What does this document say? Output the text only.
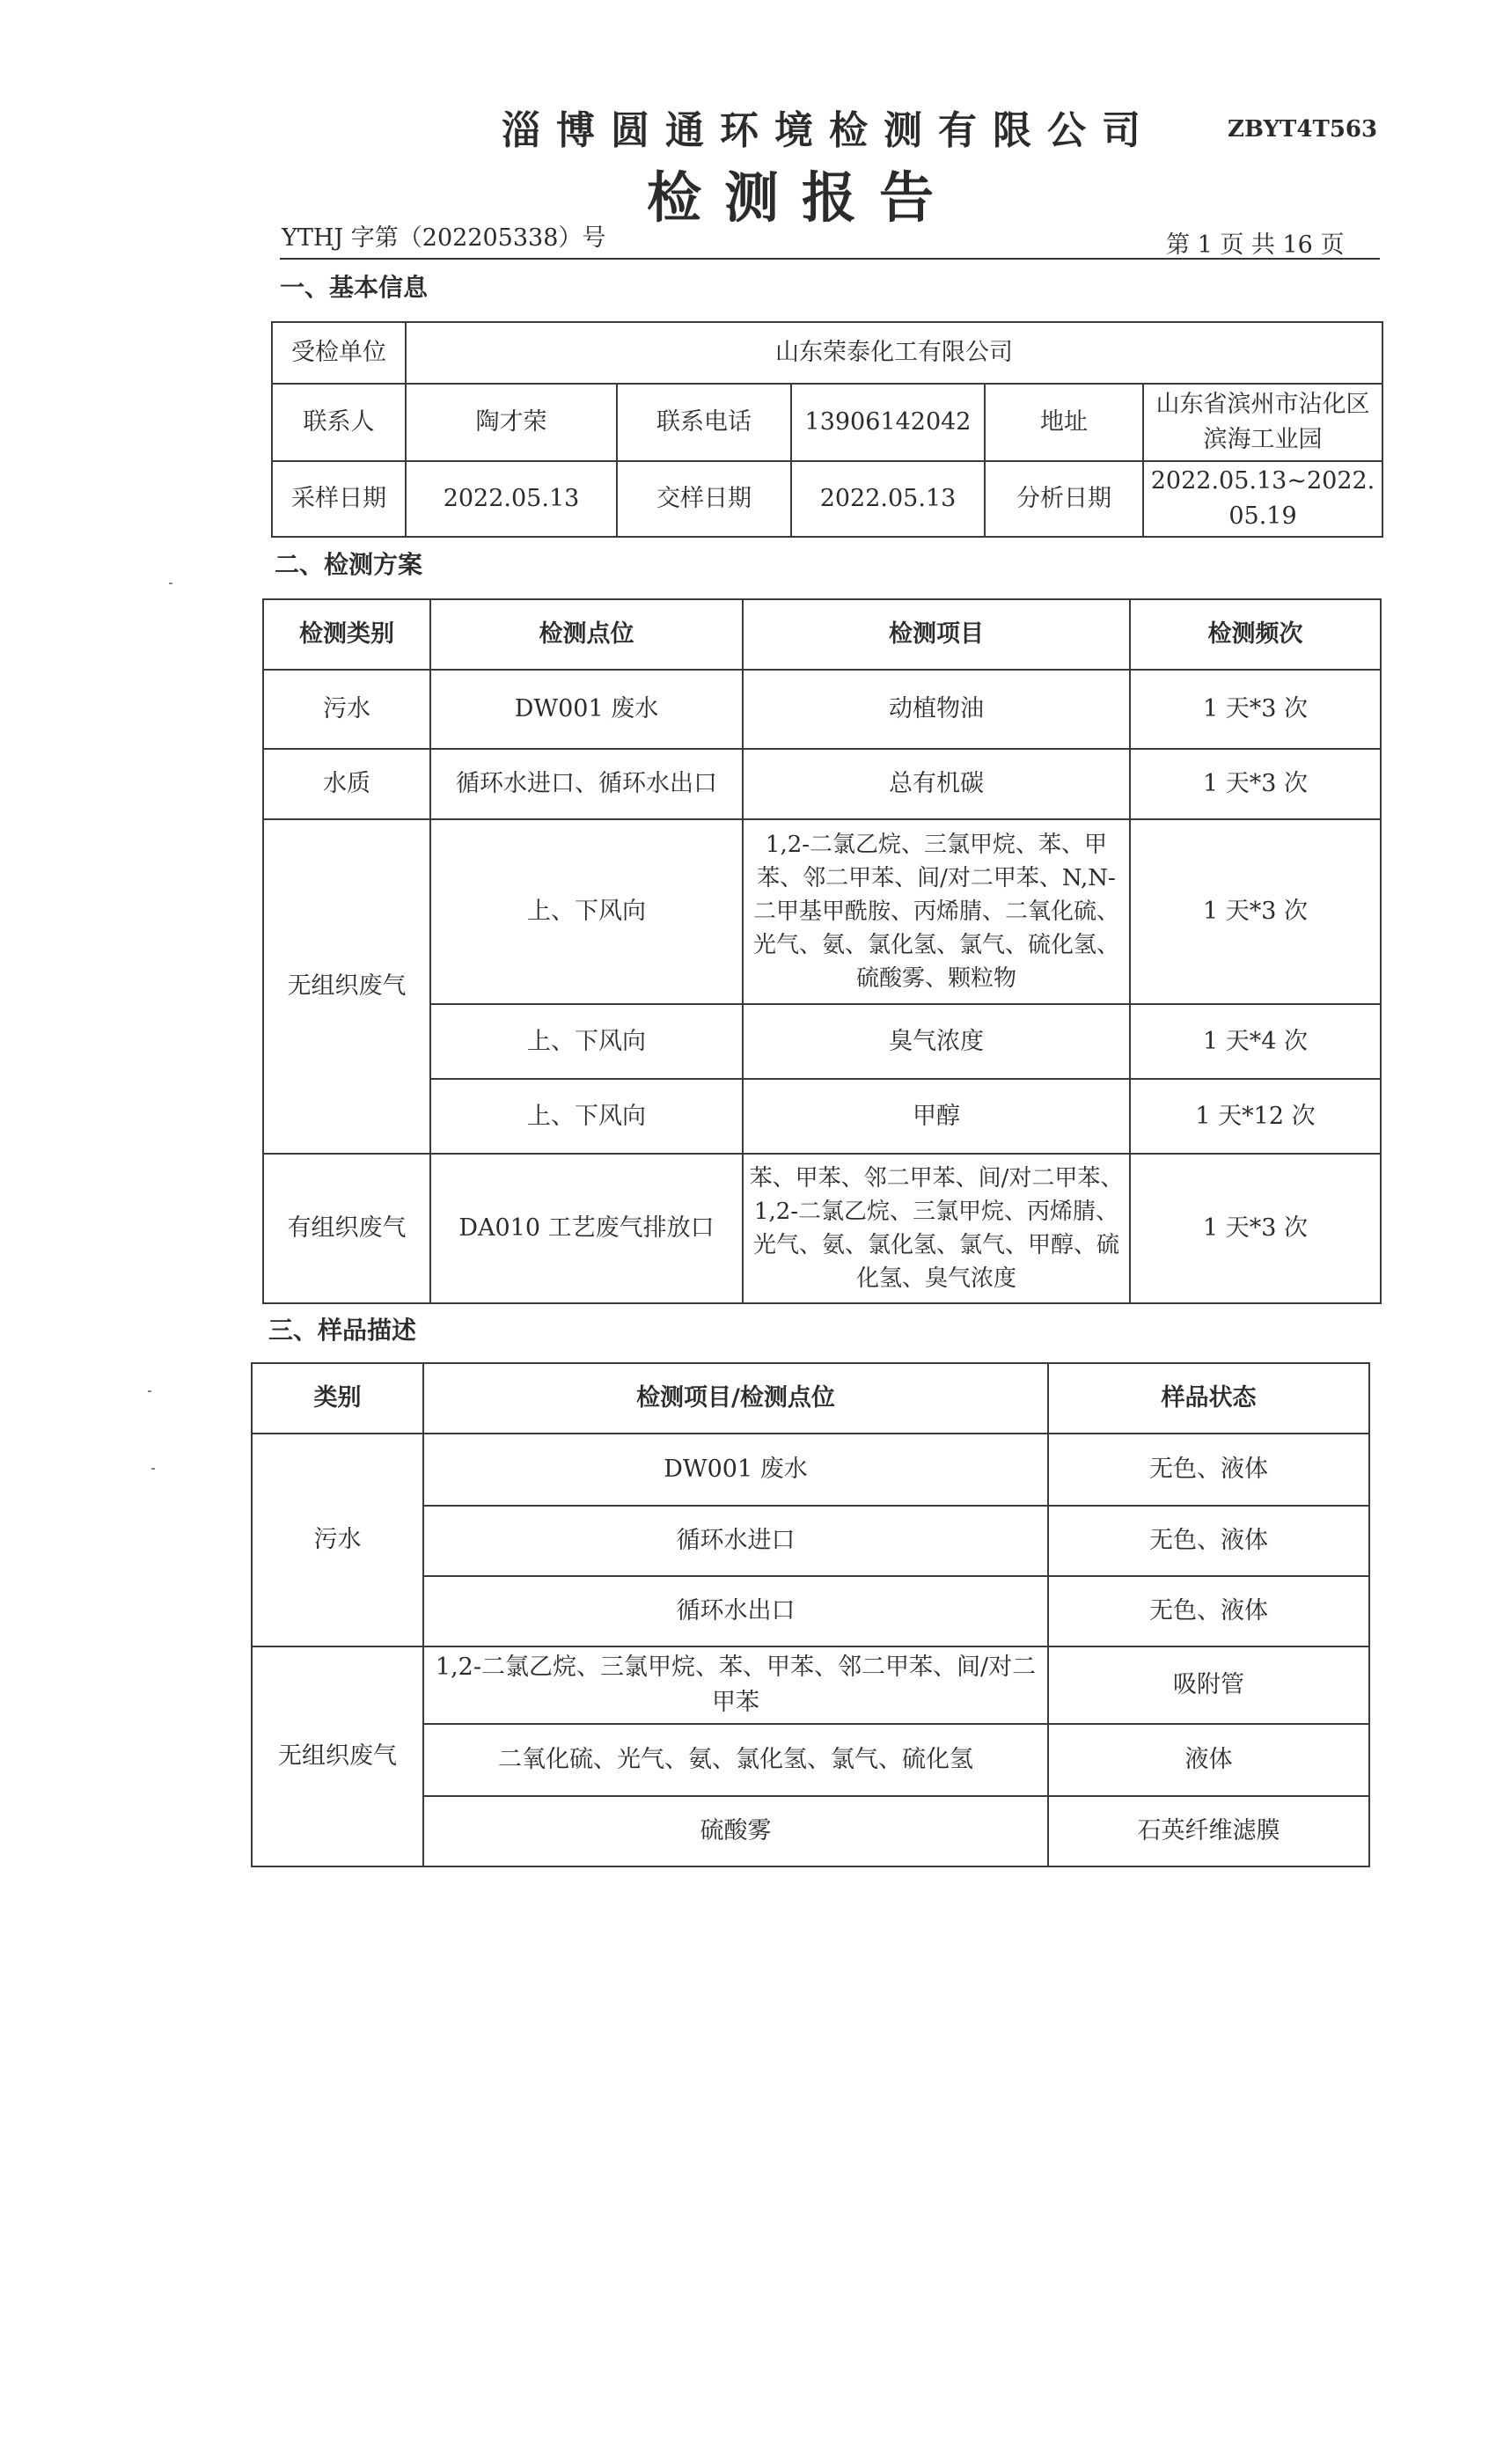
淄博圆通环境检测有限公司	ZBYT4T563
检测报告
YTHJ 字第（202205338）号	第 1 页 共 16 页
一、基本信息
受检单位	山东荣泰化工有限公司				
联系人	陶才荣	联系电话	13906142042	地址	山东省滨州市沾化区滨海工业园
采样日期	2022.05.13	交样日期	2022.05.13	分析日期	2022.05.13~2022.05.19
二、检测方案
检测类别	检测点位	检测项目	检测频次
污水	DW001 废水	动植物油	1 天*3 次
水质	循环水进口、循环水出口	总有机碳	1 天*3 次
无组织废气	上、下风向	1,2-二氯乙烷、三氯甲烷、苯、甲苯、邻二甲苯、间/对二甲苯、N,N-二甲基甲酰胺、丙烯腈、二氧化硫、光气、氨、氯化氢、氯气、硫化氢、硫酸雾、颗粒物	1 天*3 次
	上、下风向	臭气浓度	1 天*4 次
	上、下风向	甲醇	1 天*12 次
有组织废气	DA010 工艺废气排放口	苯、甲苯、邻二甲苯、间/对二甲苯、1,2-二氯乙烷、三氯甲烷、丙烯腈、光气、氨、氯化氢、氯气、甲醇、硫化氢、臭气浓度	1 天*3 次
三、样品描述
类别	检测项目/检测点位	样品状态
污水	DW001 废水	无色、液体
	循环水进口	无色、液体
	循环水出口	无色、液体
无组织废气	1,2-二氯乙烷、三氯甲烷、苯、甲苯、邻二甲苯、间/对二甲苯	吸附管
	二氧化硫、光气、氨、氯化氢、氯气、硫化氢	液体
	硫酸雾	石英纤维滤膜
